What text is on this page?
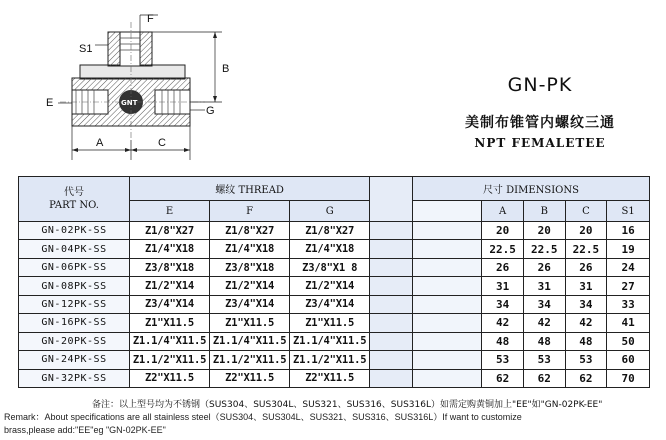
F
S1
E
B
G
A	C
GNT
GN-PK
美制布锥管内螺纹三通
NPT FEMALETEE
代号
PART NO.	螺纹 THREAD				尺寸 DIMENSIONS				
	E	F	G			A	B	C	S1
GN-02PK-SS	Z1/8"X27	Z1/8"X27	Z1/8"X27			20	20	20	16
GN-04PK-SS	Z1/4"X18	Z1/4"X18	Z1/4"X18			22.5	22.5	22.5	19
GN-06PK-SS	Z3/8"X18	Z3/8"X18	Z3/8"X1 8			26	26	26	24
GN-08PK-SS	Z1/2"X14	Z1/2"X14	Z1/2"X14			31	31	31	27
GN-12PK-SS	Z3/4"X14	Z3/4"X14	Z3/4"X14			34	34	34	33
GN-16PK-SS	Z1"X11.5	Z1"X11.5	Z1"X11.5			42	42	42	41
GN-20PK-SS	Z1.1/4"X11.5	Z1.1/4"X11.5	Z1.1/4"X11.5			48	48	48	50
GN-24PK-SS	Z1.1/2"X11.5	Z1.1/2"X11.5	Z1.1/2"X11.5			53	53	53	60
GN-32PK-SS	Z2"X11.5	Z2"X11.5	Z2"X11.5			62	62	62	70
备注：以上型号均为不锈钢（SUS304、SUS304L、SUS321、SUS316、SUS316L）如需定购黄铜加上"EE"如"GN-02PK-EE"
Remark：About specifications are all stainless steel（SUS304、SUS304L、SUS321、SUS316、SUS316L）If want to customize
brass,please add:"EE"eg "GN-02PK-EE"
